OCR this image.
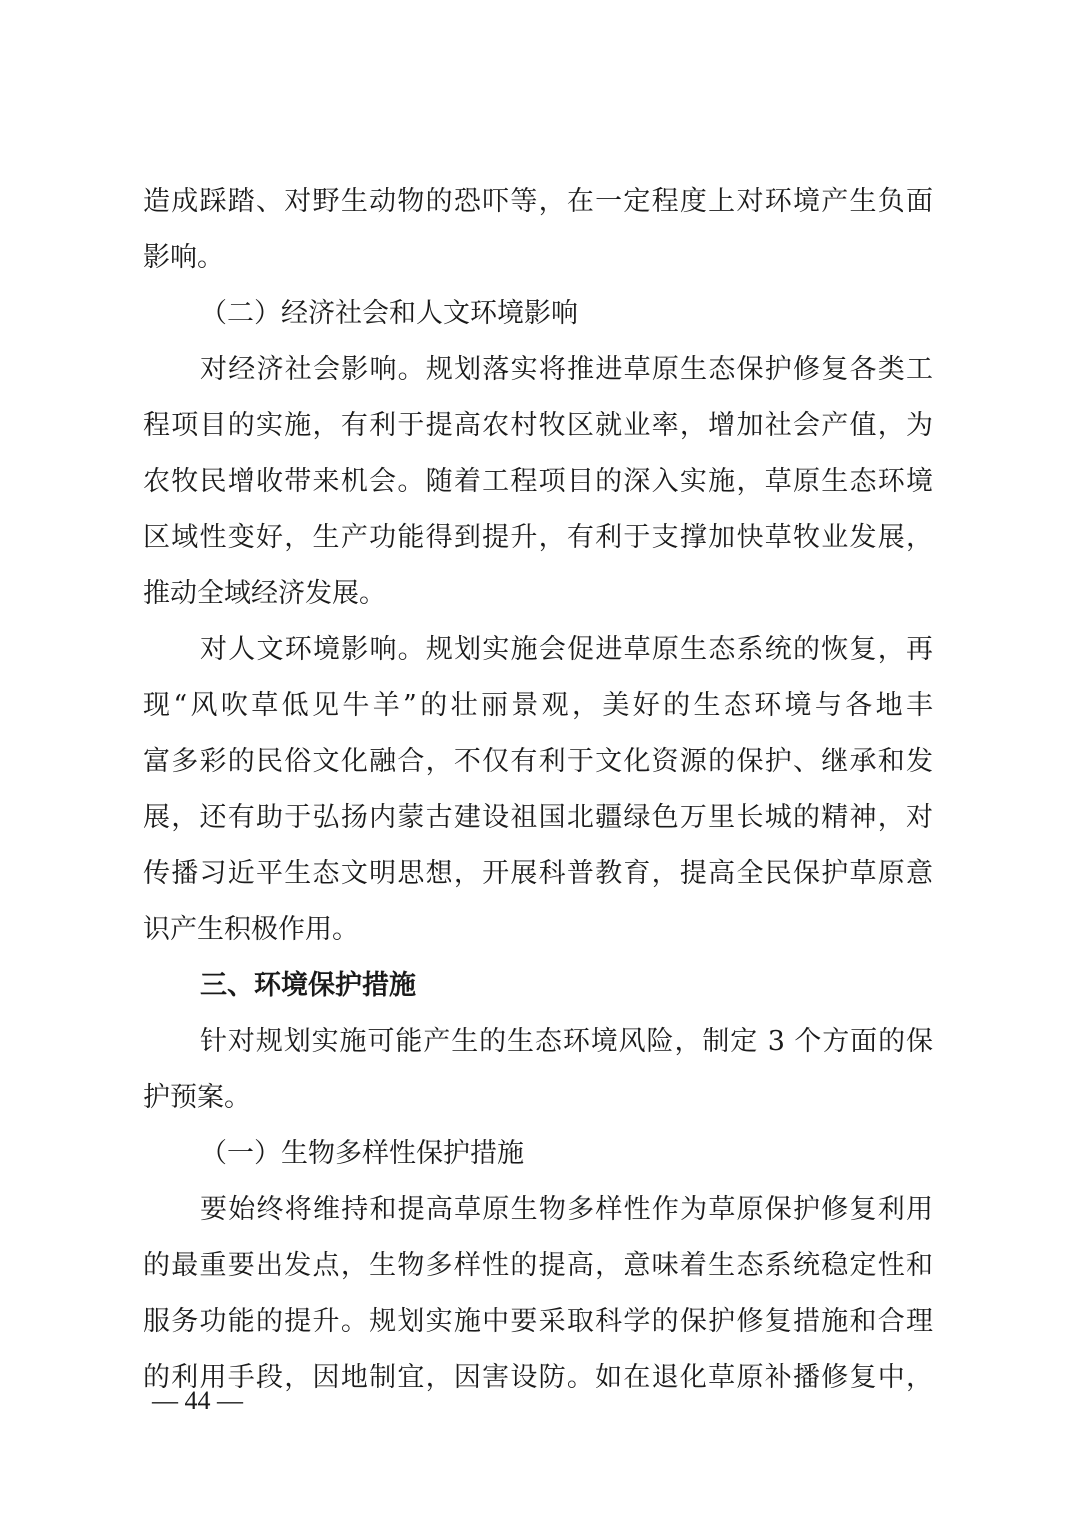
造成踩踏、对野生动物的恐吓等，在一定程度上对环境产生负面

影响。

（二）经济社会和人文环境影响

对经济社会影响。规划落实将推进草原生态保护修复各类工

程项目的实施，有利于提高农村牧区就业率，增加社会产值，为

农牧民增收带来机会。随着工程项目的深入实施，草原生态环境

区域性变好，生产功能得到提升，有利于支撑加快草牧业发展，

推动全域经济发展。

对人文环境影响。规划实施会促进草原生态系统的恢复，再

现“风吹草低见牛羊”的壮丽景观，美好的生态环境与各地丰

富多彩的民俗文化融合，不仅有利于文化资源的保护、继承和发

展，还有助于弘扬内蒙古建设祖国北疆绿色万里长城的精神，对

传播习近平生态文明思想，开展科普教育，提高全民保护草原意

识产生积极作用。

三、环境保护措施

针对规划实施可能产生的生态环境风险，制定 3 个方面的保

护预案。

（一）生物多样性保护措施

要始终将维持和提高草原生物多样性作为草原保护修复利用

的最重要出发点，生物多样性的提高，意味着生态系统稳定性和

服务功能的提升。规划实施中要采取科学的保护修复措施和合理

的利用手段，因地制宜，因害设防。如在退化草原补播修复中，

— 44 —
